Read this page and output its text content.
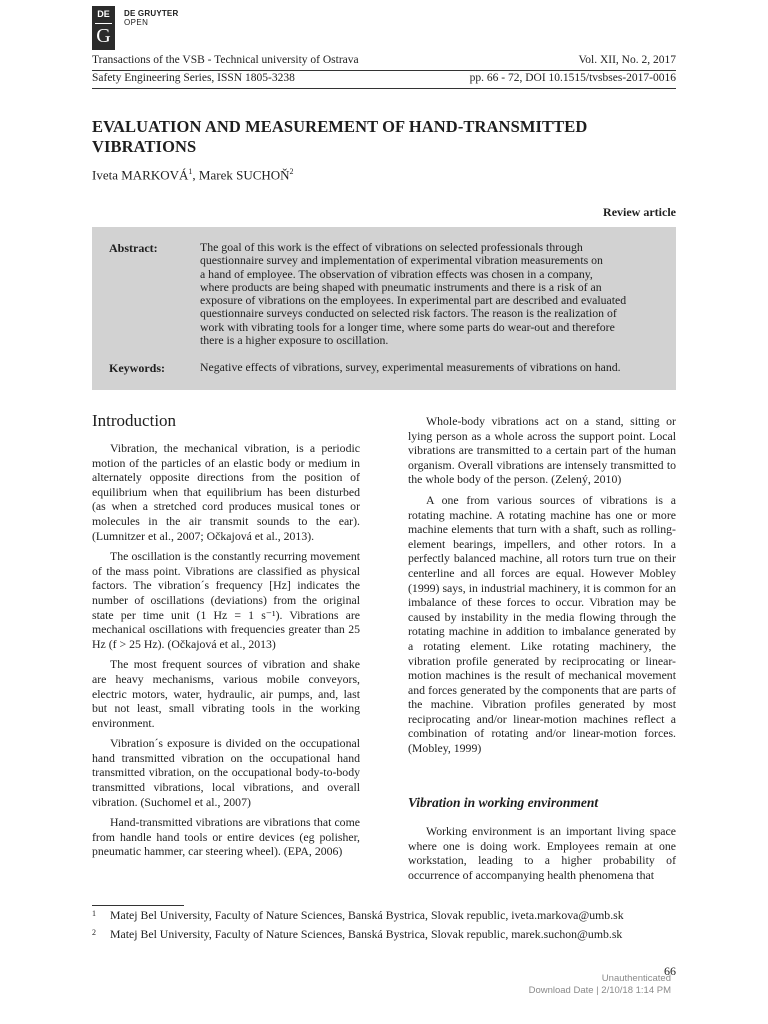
DE
G
DE GRUYTER
OPEN
Transactions of the VSB - Technical university of Ostrava	Vol. XII, No. 2, 2017
Safety Engineering Series, ISSN 1805-3238	pp. 66 - 72, DOI 10.1515/tvsbses-2017-0016
EVALUATION AND MEASUREMENT OF HAND-TRANSMITTED
VIBRATIONS
Iveta MARKOVÁ$^1$, Marek SUCHOŇ$^2$
Review article
Abstract:	The goal of this work is the effect of vibrations on selected professionals through
questionnaire survey and implementation of experimental vibration measurements on
a hand of employee. The observation of vibration effects was chosen in a company,
where products are being shaped with pneumatic instruments and there is a risk of an
exposure of vibrations on the employees. In experimental part are described and evaluated
questionnaire surveys conducted on selected risk factors. The reason is the realization of
work with vibrating tools for a longer time, where some parts do wear-out and therefore
there is a higher exposure to oscillation.
Keywords:	Negative effects of vibrations, survey, experimental measurements of vibrations on hand.
Introduction

Vibration, the mechanical vibration, is a periodic motion of the particles of an elastic body or medium in alternately opposite directions from the position of equilibrium when that equilibrium has been disturbed (as when a stretched cord produces musical tones or molecules in the air transmit sounds to the ear). (Lumnitzer et al., 2007; Očkajová et al., 2013).

The oscillation is the constantly recurring movement of the mass point. Vibrations are classified as physical factors. The vibration´s frequency [Hz] indicates the number of oscillations (deviations) from the original state per time unit (1 Hz = 1 s⁻¹). Vibrations are mechanical oscillations with frequencies greater than 25 Hz (f > 25 Hz). (Očkajová et al., 2013)

The most frequent sources of vibration and shake are heavy mechanisms, various mobile conveyors, electric motors, water, hydraulic, air pumps, and, last but not least, small vibrating tools in the working environment.

Vibration´s exposure is divided on the occupational hand transmitted vibration on the occupational hand transmitted vibration, on the occupational body-to-body transmitted vibrations, local vibrations, and overall vibration. (Suchomel et al., 2007)

Hand-transmitted vibrations are vibrations that come from handle hand tools or entire devices (eg polisher, pneumatic hammer, car steering wheel). (EPA, 2006)

Whole-body vibrations act on a stand, sitting or lying person as a whole across the support point. Local vibrations are transmitted to a certain part of the human organism. Overall vibrations are intensely transmitted to the whole body of the person. (Zelený, 2010)

A one from various sources of vibrations is a rotating machine. A rotating machine has one or more machine elements that turn with a shaft, such as rolling-element bearings, impellers, and other rotors. In a perfectly balanced machine, all rotors turn true on their centerline and all forces are equal. However Mobley (1999) says, in industrial machinery, it is common for an imbalance of these forces to occur. Vibration may be caused by instability in the media flowing through the rotating machine in addition to imbalance generated by a rotating element. Like rotating machinery, the vibration profile generated by reciprocating or linear- motion machines is the result of mechanical movement and forces generated by the components that are parts of the machine. Vibration profiles generated by most reciprocating and/or linear-motion machines reflect a combination of rotating and/or linear-motion forces. (Mobley, 1999)

Vibration in working environment

Working environment is an important living space where one is doing work. Employees remain at one workstation, leading to a higher probability of occurrence of accompanying health phenomena that

1 Matej Bel University, Faculty of Nature Sciences, Banská Bystrica, Slovak republic, iveta.markova@umb.sk
2 Matej Bel University, Faculty of Nature Sciences, Banská Bystrica, Slovak republic, marek.suchon@umb.sk
66
Unauthenticated
Download Date | 2/10/18 1:14 PM
